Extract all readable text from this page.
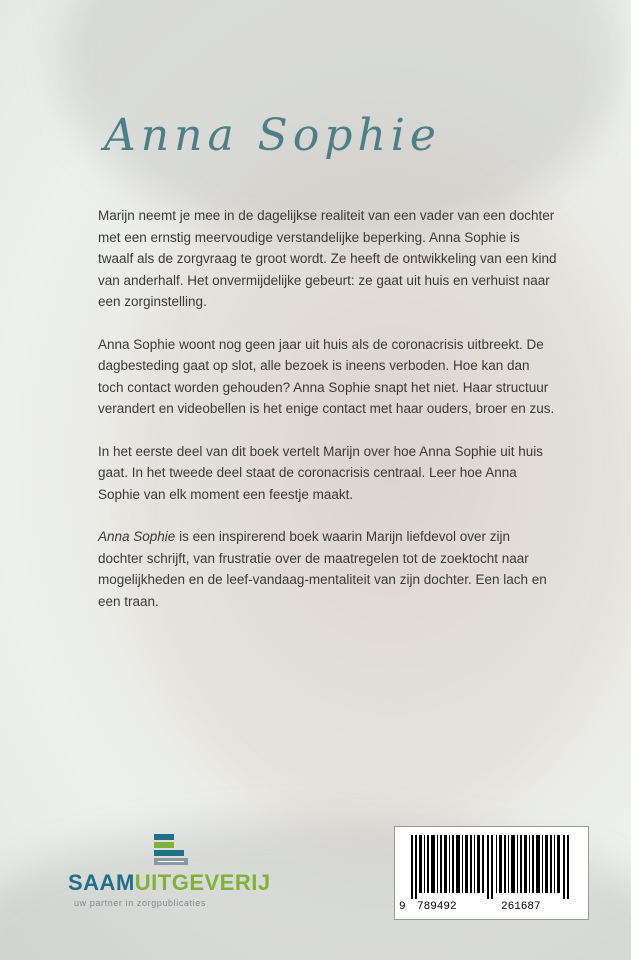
Anna Sophie

Marijn neemt je mee in de dagelijkse realiteit van een vader van een dochter met een ernstig meervoudige verstandelijke beperking. Anna Sophie is twaalf als de zorgvraag te groot wordt. Ze heeft de ontwikkeling van een kind van anderhalf. Het onvermijdelijke gebeurt: ze gaat uit huis en verhuist naar een zorginstelling.

Anna Sophie woont nog geen jaar uit huis als de coronacrisis uitbreekt. De dagbesteding gaat op slot, alle bezoek is ineens verboden. Hoe kan dan toch contact worden gehouden? Anna Sophie snapt het niet. Haar structuur verandert en videobellen is het enige contact met haar ouders, broer en zus.

In het eerste deel van dit boek vertelt Marijn over hoe Anna Sophie uit huis gaat. In het tweede deel staat de coronacrisis centraal. Leer hoe Anna Sophie van elk moment een feestje maakt.

Anna Sophie is een inspirerend boek waarin Marijn liefdevol over zijn dochter schrijft, van frustratie over de maatregelen tot de zoektocht naar mogelijkheden en de leef-vandaag-mentaliteit van zijn dochter. Een lach en een traan.

SAAMUITGEVERIJ
uw partner in zorgpublicaties	9 789492	261687
